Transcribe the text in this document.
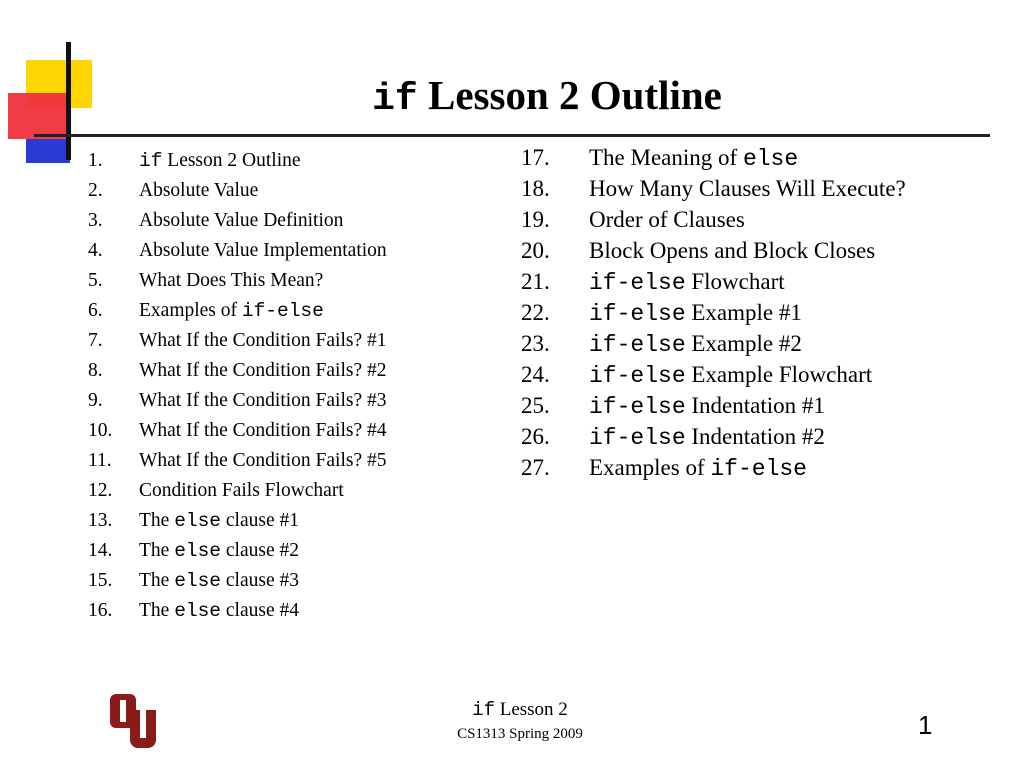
if Lesson 2 Outline
1. if Lesson 2 Outline
2. Absolute Value
3. Absolute Value Definition
4. Absolute Value Implementation
5. What Does This Mean?
6. Examples of if-else
7. What If the Condition Fails? #1
8. What If the Condition Fails? #2
9. What If the Condition Fails? #3
10. What If the Condition Fails? #4
11. What If the Condition Fails? #5
12. Condition Fails Flowchart
13. The else clause #1
14. The else clause #2
15. The else clause #3
16. The else clause #4
17. The Meaning of else
18. How Many Clauses Will Execute?
19. Order of Clauses
20. Block Opens and Block Closes
21. if-else Flowchart
22. if-else Example #1
23. if-else Example #2
24. if-else Example Flowchart
25. if-else Indentation #1
26. if-else Indentation #2
27. Examples of if-else
if Lesson 2
CS1313 Spring 2009	1
